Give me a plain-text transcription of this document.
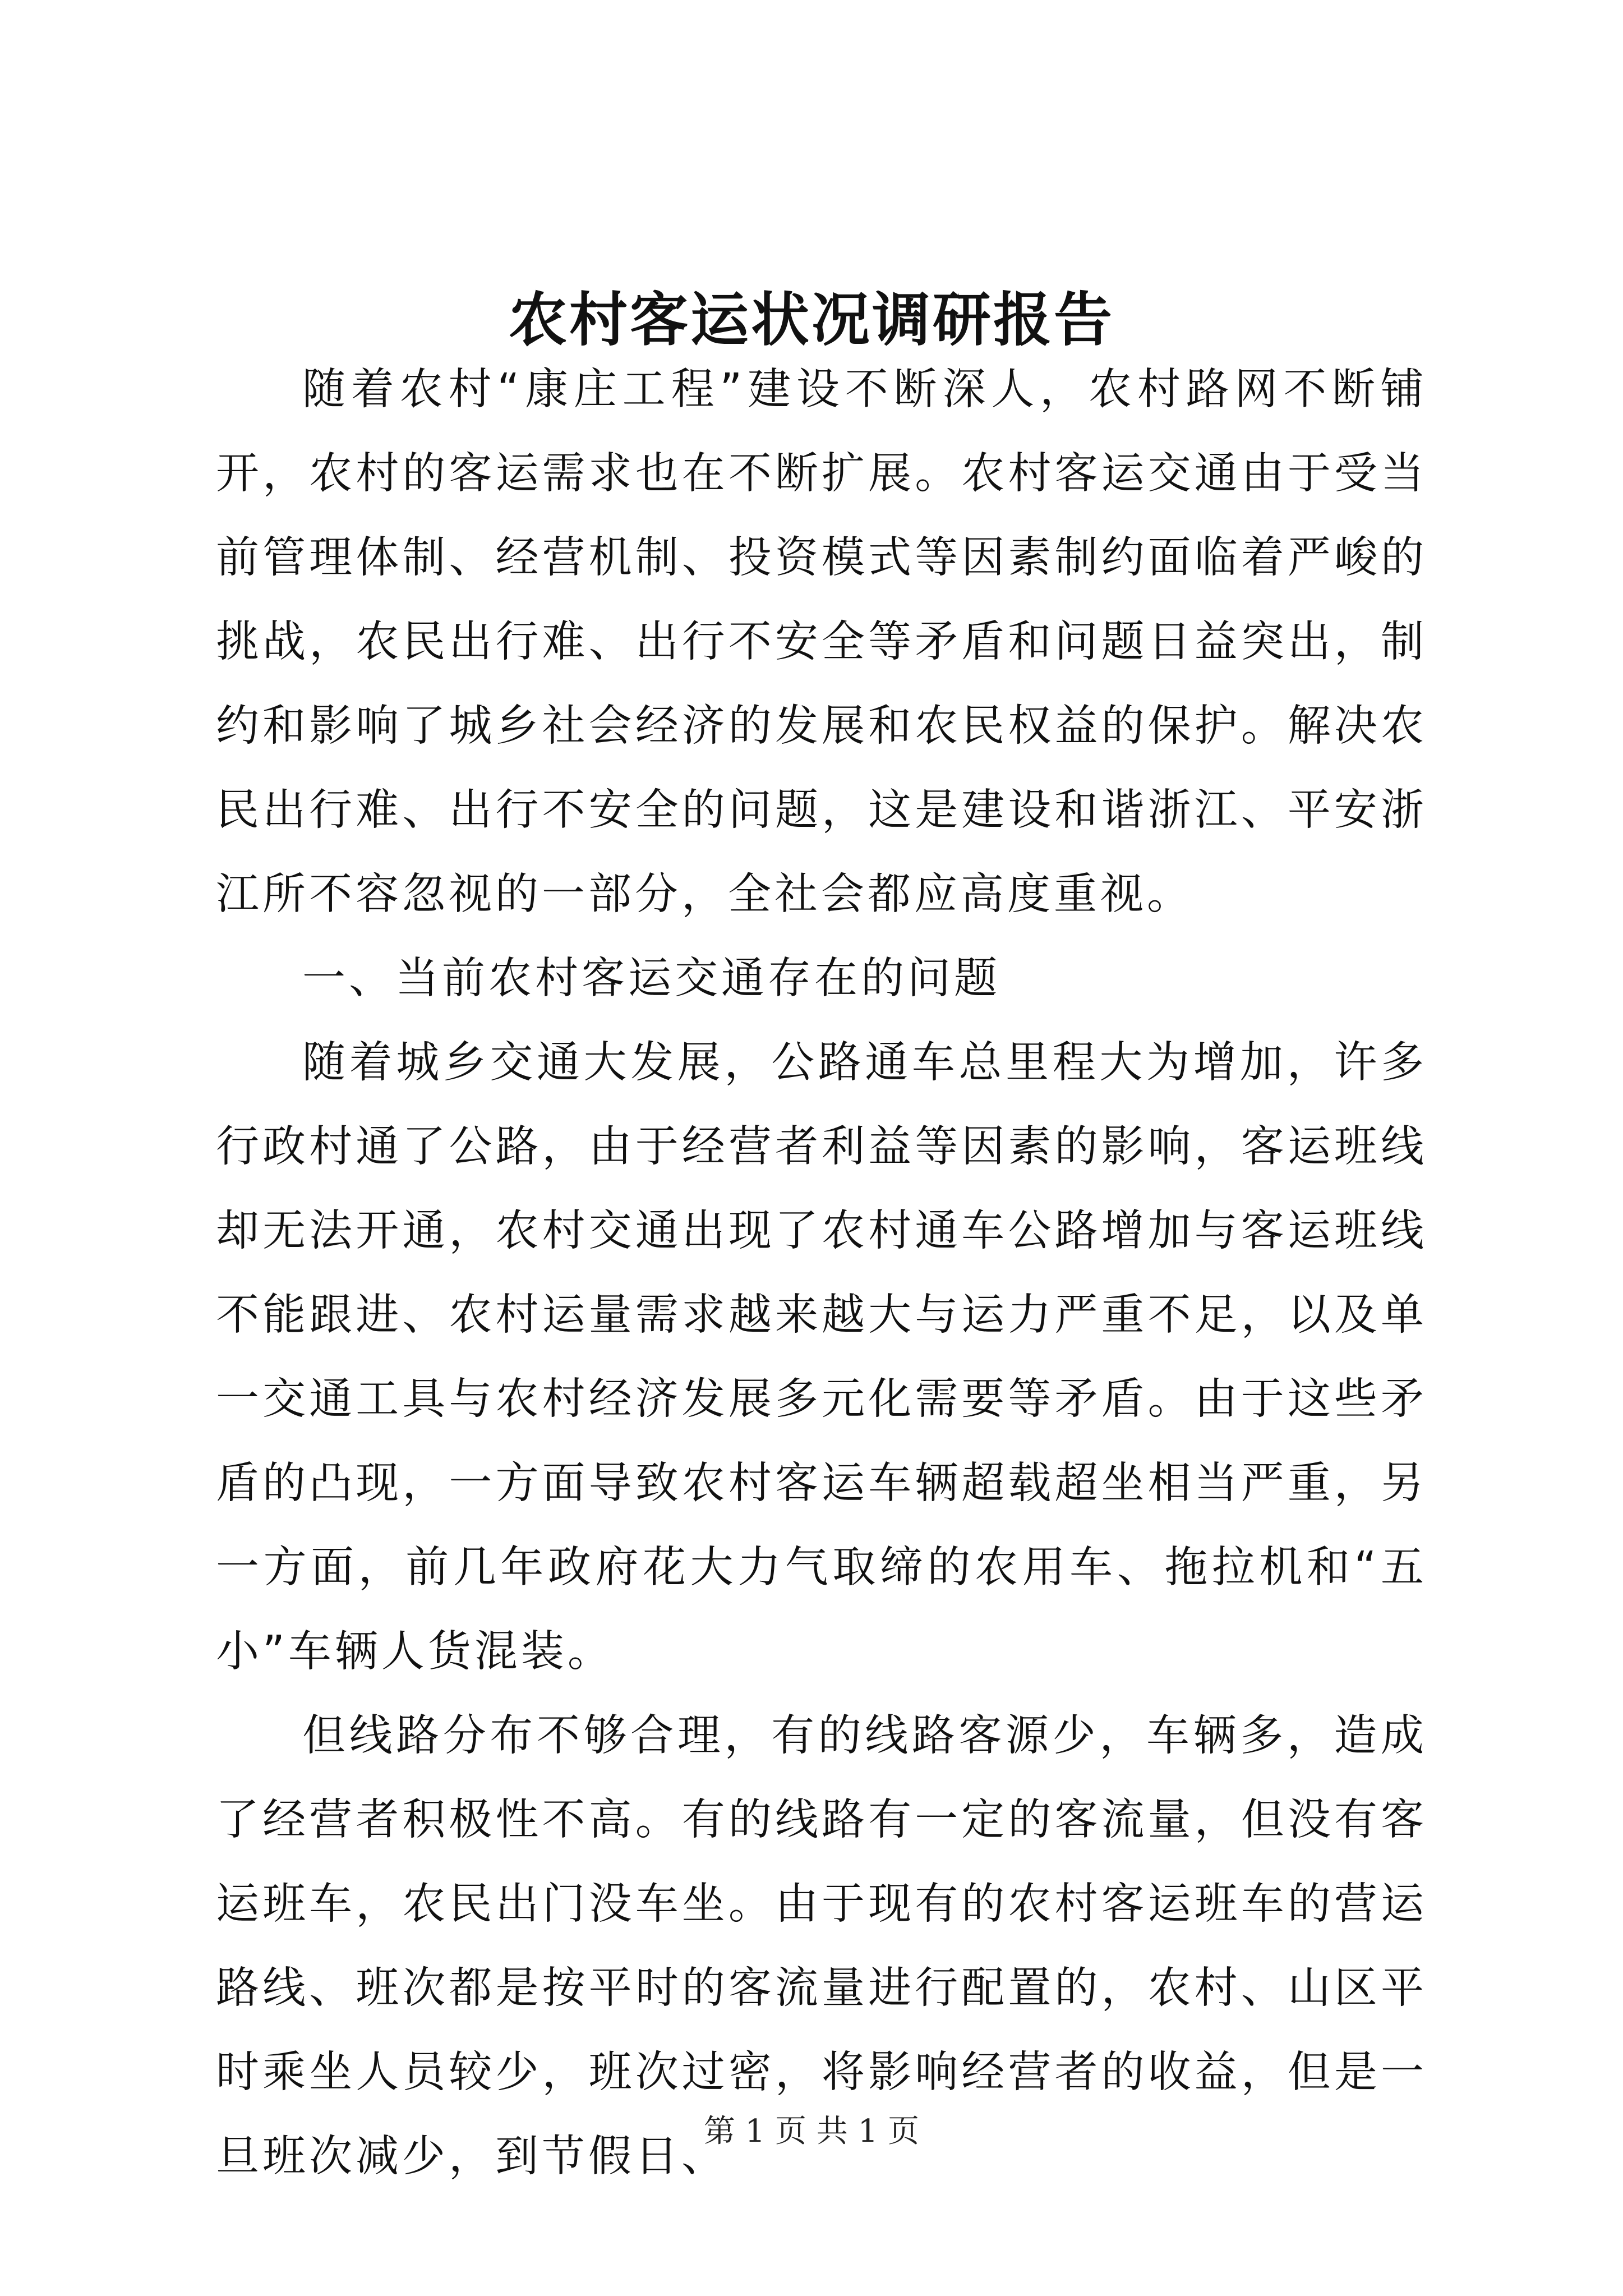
农村客运状况调研报告

随着农村“康庄工程”建设不断深人，农村路网不断铺开，农村的客运需求也在不断扩展。农村客运交通由于受当前管理体制、经营机制、投资模式等因素制约面临着严峻的挑战，农民出行难、出行不安全等矛盾和问题日益突出，制约和影响了城乡社会经济的发展和农民权益的保护。解决农民出行难、出行不安全的问题，这是建设和谐浙江、平安浙江所不容忽视的一部分，全社会都应高度重视。

一、当前农村客运交通存在的问题

随着城乡交通大发展，公路通车总里程大为增加，许多行政村通了公路，由于经营者利益等因素的影响，客运班线却无法开通，农村交通出现了农村通车公路增加与客运班线不能跟进、农村运量需求越来越大与运力严重不足，以及单一交通工具与农村经济发展多元化需要等矛盾。由于这些矛盾的凸现，一方面导致农村客运车辆超载超坐相当严重，另一方面，前几年政府花大力气取缔的农用车、拖拉机和“五小”车辆人货混装。

但线路分布不够合理，有的线路客源少，车辆多，造成了经营者积极性不高。有的线路有一定的客流量，但没有客运班车，农民出门没车坐。由于现有的农村客运班车的营运路线、班次都是按平时的客流量进行配置的，农村、山区平时乘坐人员较少，班次过密，将影响经营者的收益，但是一旦班次减少，到节假日、

第 1 页 共 1 页
